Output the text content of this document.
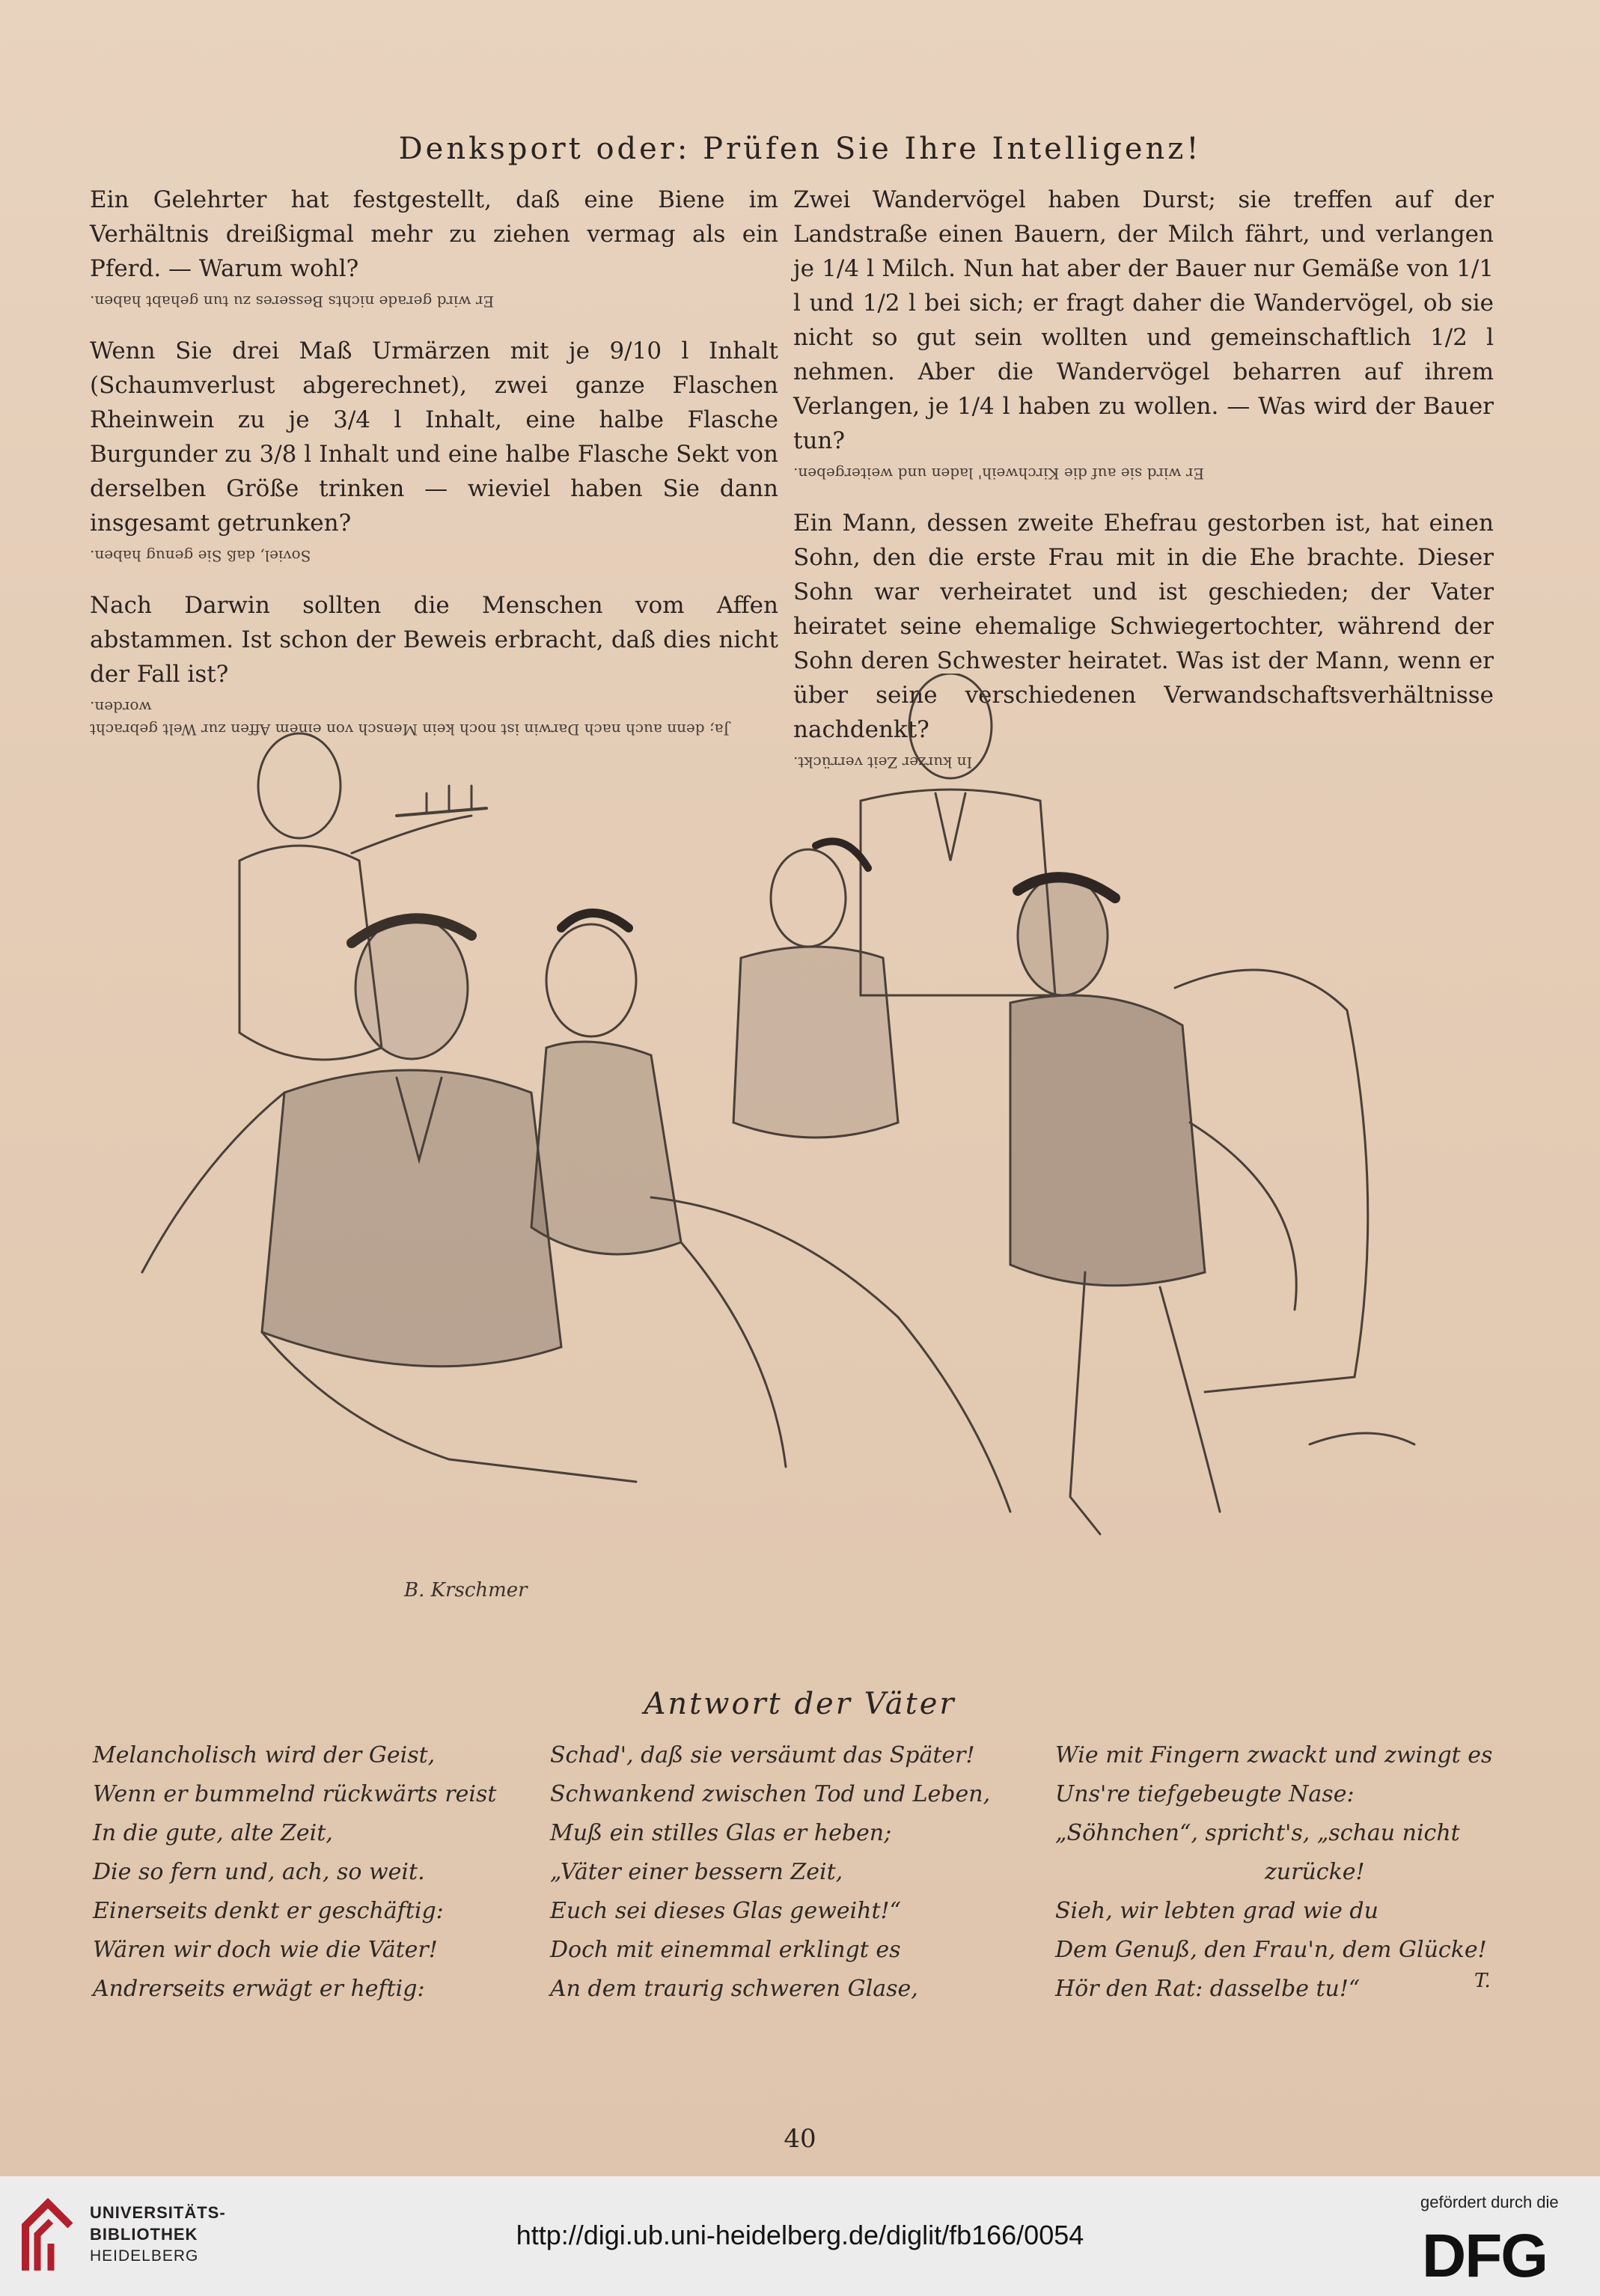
Denksport oder: Prüfen Sie Ihre Intelligenz!

Ein Gelehrter hat festgestellt, daß eine Biene im Verhältnis dreißigmal mehr zu ziehen vermag als ein Pferd. — Warum wohl?

Er wird gerade nichts Besseres zu tun gehabt haben.

Wenn Sie drei Maß Urmärzen mit je 9/10 l Inhalt (Schaumverlust abgerechnet), zwei ganze Flaschen Rheinwein zu je 3/4 l Inhalt, eine halbe Flasche Burgunder zu 3/8 l Inhalt und eine halbe Flasche Sekt von derselben Größe trinken — wieviel haben Sie dann insgesamt getrunken?

Soviel, daß Sie genug haben.

Nach Darwin sollten die Menschen vom Affen abstammen. Ist schon der Beweis erbracht, daß dies nicht der Fall ist?

Ja; denn auch nach Darwin ist noch kein Mensch von einem Affen zur Welt gebracht worden.

Zwei Wandervögel haben Durst; sie treffen auf der Landstraße einen Bauern, der Milch fährt, und verlangen je 1/4 l Milch. Nun hat aber der Bauer nur Gemäße von 1/1 l und 1/2 l bei sich; er fragt daher die Wandervögel, ob sie nicht so gut sein wollten und gemeinschaftlich 1/2 l nehmen. Aber die Wandervögel beharren auf ihrem Verlangen, je 1/4 l haben zu wollen. — Was wird der Bauer tun?

Er wird sie auf die Kirchweih' laden und weitergeben.

Ein Mann, dessen zweite Ehefrau gestorben ist, hat einen Sohn, den die erste Frau mit in die Ehe brachte. Dieser Sohn war verheiratet und ist geschieden; der Vater heiratet seine ehemalige Schwiegertochter, während der Sohn deren Schwester heiratet. Was ist der Mann, wenn er über seine verschiedenen Verwandschaftsverhältnisse nachdenkt?

In kurzer Zeit verrückt.
B. Krschmer
Antwort der Väter
Melancholisch wird der Geist,
Wenn er bummelnd rückwärts reist
In die gute, alte Zeit,
Die so fern und, ach, so weit.
Einerseits denkt er geschäftig:
Wären wir doch wie die Väter!
Andrerseits erwägt er heftig:
Schad', daß sie versäumt das Später!
Schwankend zwischen Tod und Leben,
Muß ein stilles Glas er heben;
„Väter einer bessern Zeit,
Euch sei dieses Glas geweiht!“
Doch mit einemmal erklingt es
An dem traurig schweren Glase,
Wie mit Fingern zwackt und zwingt es
Uns're tiefgebeugte Nase:
„Söhnchen“, spricht's, „schau nicht
zurücke!
Sieh, wir lebten grad wie du
Dem Genuß, den Frau'n, dem Glücke!
Hör den Rat: dasselbe tu!“	T.
40
UNIVERSITÄTS-
BIBLIOTHEK
HEIDELBERG
http://digi.ub.uni-heidelberg.de/diglit/fb166/0054
gefördert durch die
DFG
